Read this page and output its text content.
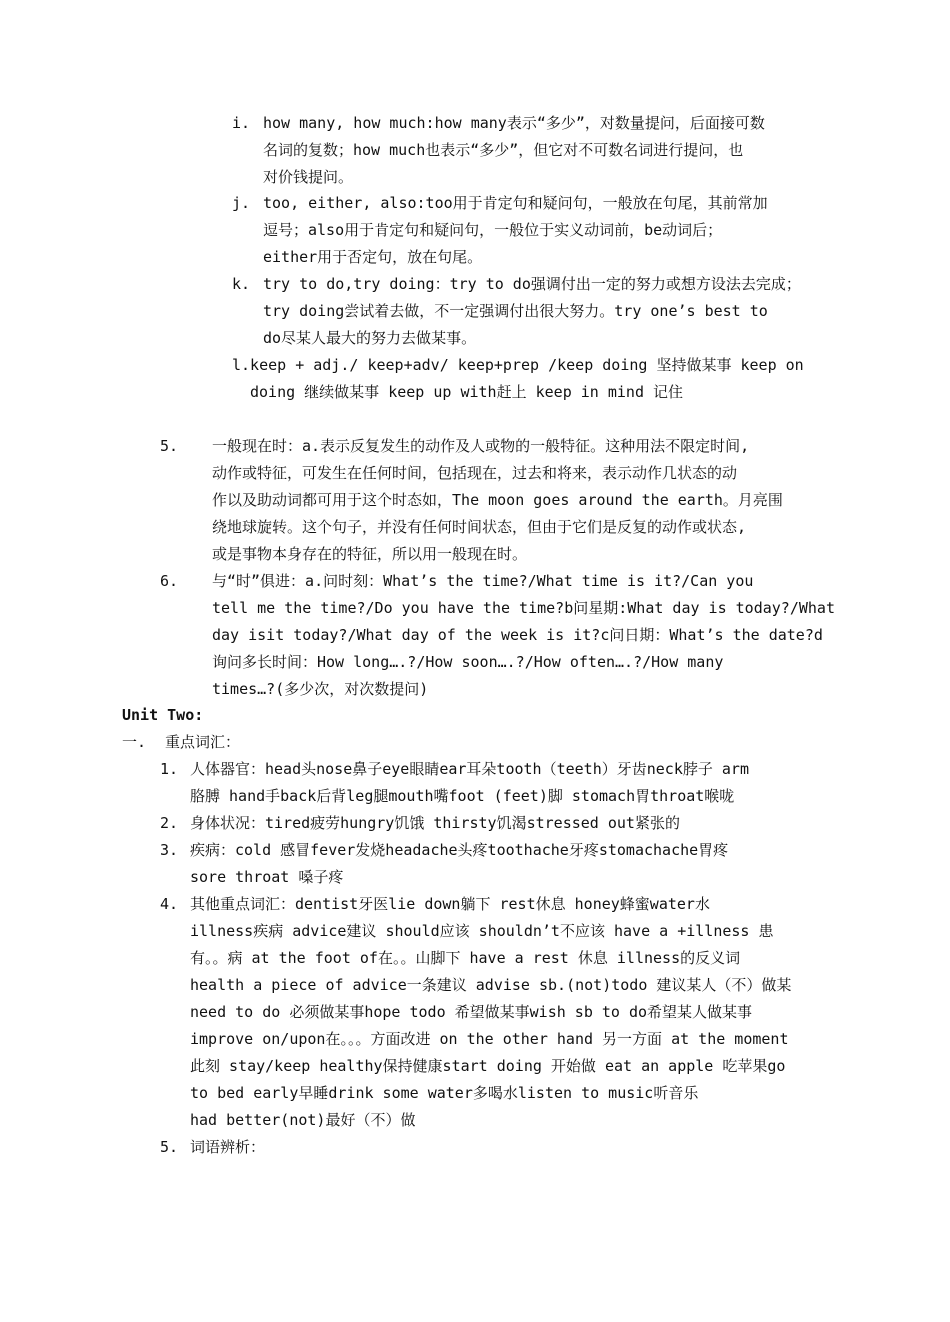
i. how many, how much:how many表示“多少”，对数量提问，后面接可数
名词的复数；how much也表示“多少”，但它对不可数名词进行提问，也
对价钱提问。
j. too, either, also:too用于肯定句和疑问句，一般放在句尾，其前常加
逗号；also用于肯定句和疑问句，一般位于实义动词前，be动词后；
either用于否定句，放在句尾。
k. try to do,try doing：try to do强调付出一定的努力或想方设法去完成；
try doing尝试着去做，不一定强调付出很大努力。try one’s best to
do尽某人最大的努力去做某事。
l.keep + adj./ keep+adv/ keep+prep /keep doing 坚持做某事 keep on
doing 继续做某事 keep up with赶上 keep in mind 记住
5. 一般现在时：a.表示反复发生的动作及人或物的一般特征。这种用法不限定时间,
动作或特征，可发生在任何时间，包括现在，过去和将来，表示动作几状态的动
作以及助动词都可用于这个时态如，The moon goes around the earth。月亮围
绕地球旋转。这个句子，并没有任何时间状态，但由于它们是反复的动作或状态,
或是事物本身存在的特征，所以用一般现在时。
6. 与“时”俱进：a.问时刻：What’s the time?/What time is it?/Can you
tell me the time?/Do you have the time?b问星期:What day is today?/What
day isit today?/What day of the week is it?c问日期：What’s the date?d
询问多长时间：How long….?/How soon….?/How often….?/How many
times…?(多少次，对次数提问)
Unit Two:
一. 重点词汇：
1. 人体器官：head头nose鼻子eye眼睛ear耳朵tooth（teeth）牙齿neck脖子 arm
胳膊 hand手back后背leg腿mouth嘴foot (feet)脚 stomach胃throat喉咙
2. 身体状况：tired疲劳hungry饥饿 thirsty饥渴stressed out紧张的
3. 疾病：cold 感冒fever发烧headache头疼toothache牙疼stomachache胃疼
sore throat 嗓子疼
4. 其他重点词汇：dentist牙医lie down躺下 rest休息 honey蜂蜜water水
illness疾病 advice建议 should应该 shouldn’t不应该 have a +illness 患
有。。病 at the foot of在。。山脚下 have a rest 休息 illness的反义词
health a piece of advice一条建议 advise sb.(not)todo 建议某人（不）做某
need to do 必须做某事hope todo 希望做某事wish sb to do希望某人做某事
improve on/upon在。。。方面改进 on the other hand 另一方面 at the moment
此刻 stay/keep healthy保持健康start doing 开始做 eat an apple 吃苹果go
to bed early早睡drink some water多喝水listen to music听音乐
had better(not)最好（不）做
5. 词语辨析：
